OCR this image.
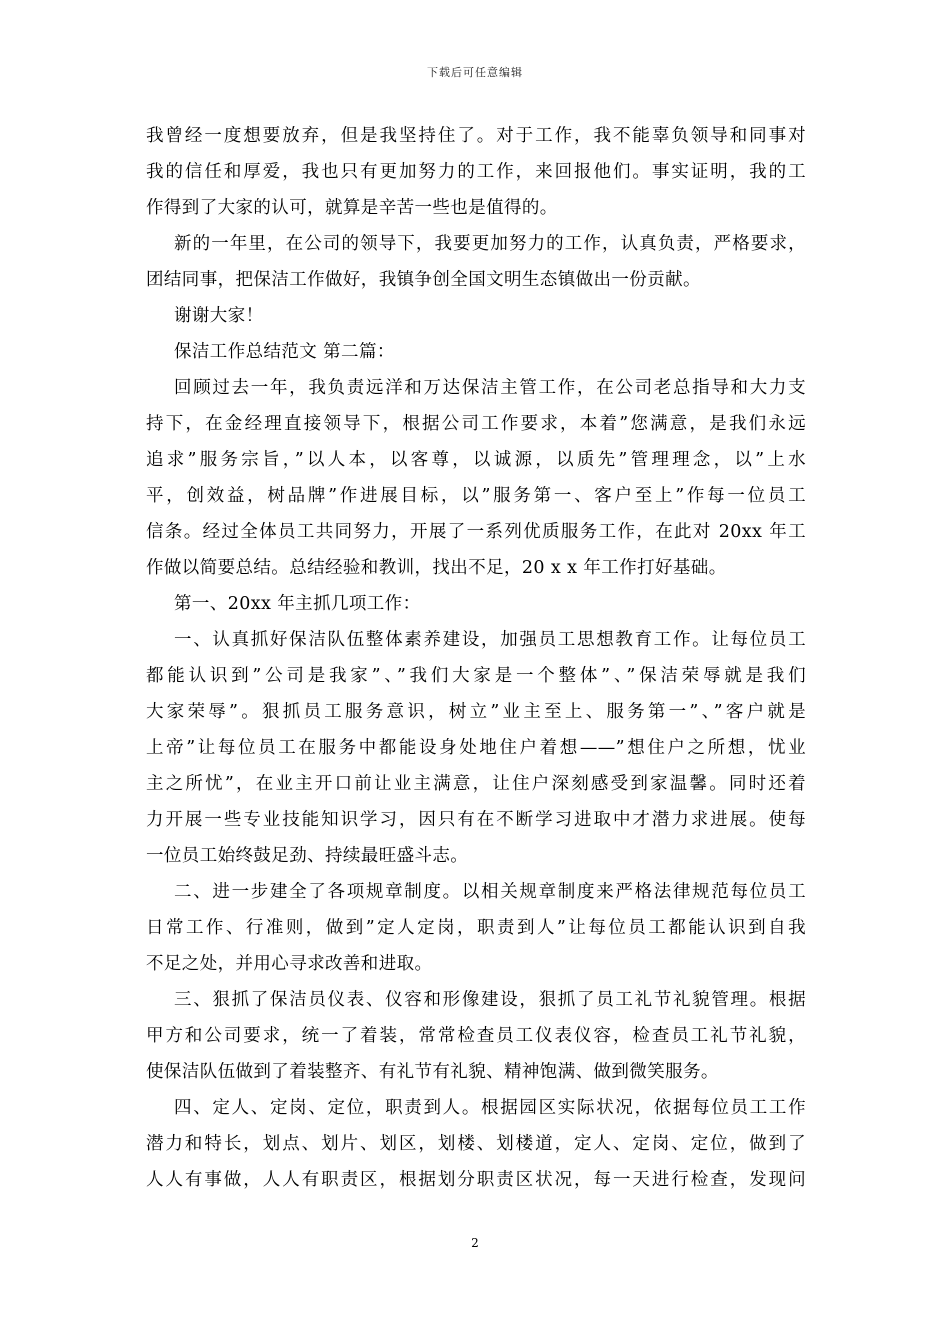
下载后可任意编辑
我曾经一度想要放弃，但是我坚持住了。对于工作，我不能辜负领导和同事对
我的信任和厚爱，我也只有更加努力的工作，来回报他们。事实证明，我的工
作得到了大家的认可，就算是辛苦一些也是值得的。
新的一年里，在公司的领导下，我要更加努力的工作，认真负责，严格要求，
团结同事，把保洁工作做好，我镇争创全国文明生态镇做出一份贡献。
谢谢大家！
保洁工作总结范文 第二篇：
回顾过去一年，我负责远洋和万达保洁主管工作，在公司老总指导和大力支
持下，在金经理直接领导下，根据公司工作要求，本着”您满意，是我们永远
追求”服务宗旨，”以人本，以客尊，以诚源，以质先”管理理念，以”上水
平，创效益，树品牌”作进展目标，以”服务第一、客户至上”作每一位员工
信条。经过全体员工共同努力，开展了一系列优质服务工作，在此对 20xx 年工
作做以简要总结。总结经验和教训，找出不足，20 x x 年工作打好基础。
第一、20xx 年主抓几项工作：
一、认真抓好保洁队伍整体素养建设，加强员工思想教育工作。让每位员工
都能认识到”公司是我家”、”我们大家是一个整体”、”保洁荣辱就是我们
大家荣辱”。狠抓员工服务意识，树立”业主至上、服务第一”、”客户就是
上帝”让每位员工在服务中都能设身处地住户着想——”想住户之所想，忧业
主之所忧”，在业主开口前让业主满意，让住户深刻感受到家温馨。同时还着
力开展一些专业技能知识学习，因只有在不断学习进取中才潜力求进展。使每
一位员工始终鼓足劲、持续最旺盛斗志。
二、进一步建全了各项规章制度。以相关规章制度来严格法律规范每位员工
日常工作、行准则，做到”定人定岗，职责到人”让每位员工都能认识到自我
不足之处，并用心寻求改善和进取。
三、狠抓了保洁员仪表、仪容和形像建设，狠抓了员工礼节礼貌管理。根据
甲方和公司要求，统一了着装，常常检查员工仪表仪容，检查员工礼节礼貌，
使保洁队伍做到了着装整齐、有礼节有礼貌、精神饱满、做到微笑服务。
四、定人、定岗、定位，职责到人。根据园区实际状况，依据每位员工工作
潜力和特长，划点、划片、划区，划楼、划楼道，定人、定岗、定位，做到了
人人有事做，人人有职责区，根据划分职责区状况，每一天进行检查，发现问
2
